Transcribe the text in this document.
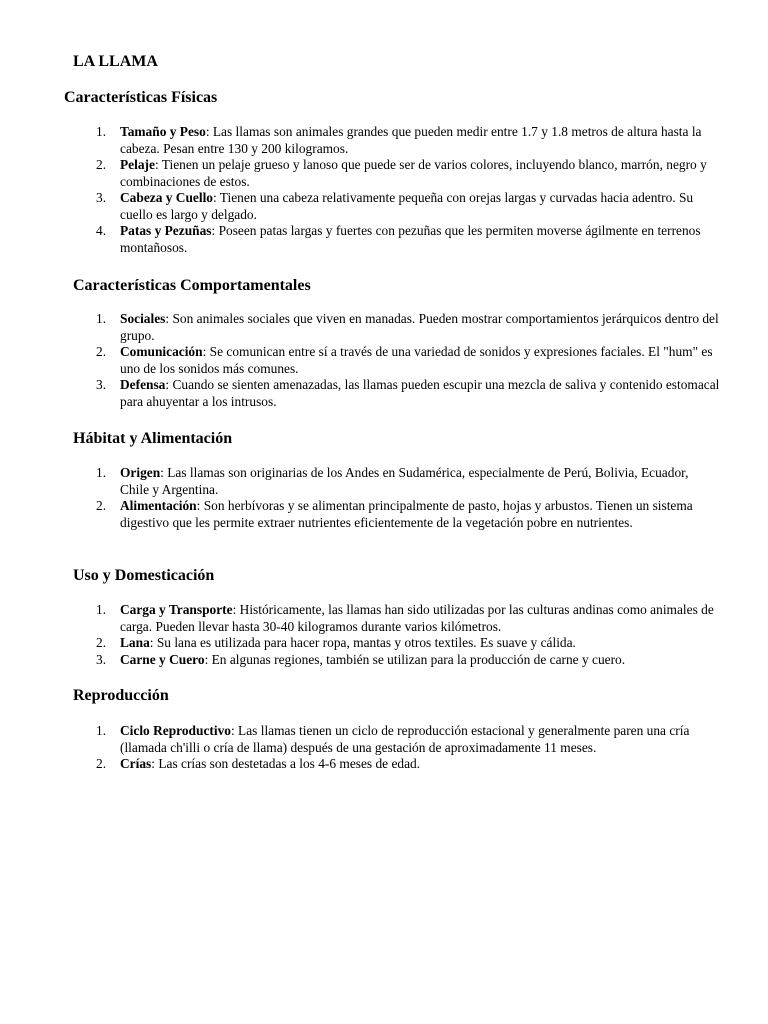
LA LLAMA
Características Físicas
1. Tamaño y Peso: Las llamas son animales grandes que pueden medir entre 1.7 y 1.8 metros de altura hasta la cabeza. Pesan entre 130 y 200 kilogramos.
2. Pelaje: Tienen un pelaje grueso y lanoso que puede ser de varios colores, incluyendo blanco, marrón, negro y combinaciones de estos.
3. Cabeza y Cuello: Tienen una cabeza relativamente pequeña con orejas largas y curvadas hacia adentro. Su cuello es largo y delgado.
4. Patas y Pezuñas: Poseen patas largas y fuertes con pezuñas que les permiten moverse ágilmente en terrenos montañosos.
Características Comportamentales
1. Sociales: Son animales sociales que viven en manadas. Pueden mostrar comportamientos jerárquicos dentro del grupo.
2. Comunicación: Se comunican entre sí a través de una variedad de sonidos y expresiones faciales. El "hum" es uno de los sonidos más comunes.
3. Defensa: Cuando se sienten amenazadas, las llamas pueden escupir una mezcla de saliva y contenido estomacal para ahuyentar a los intrusos.
Hábitat y Alimentación
1. Origen: Las llamas son originarias de los Andes en Sudamérica, especialmente de Perú, Bolivia, Ecuador, Chile y Argentina.
2. Alimentación: Son herbívoras y se alimentan principalmente de pasto, hojas y arbustos. Tienen un sistema digestivo que les permite extraer nutrientes eficientemente de la vegetación pobre en nutrientes.
Uso y Domesticación
1. Carga y Transporte: Históricamente, las llamas han sido utilizadas por las culturas andinas como animales de carga. Pueden llevar hasta 30-40 kilogramos durante varios kilómetros.
2. Lana: Su lana es utilizada para hacer ropa, mantas y otros textiles. Es suave y cálida.
3. Carne y Cuero: En algunas regiones, también se utilizan para la producción de carne y cuero.
Reproducción
1. Ciclo Reproductivo: Las llamas tienen un ciclo de reproducción estacional y generalmente paren una cría (llamada ch'illi o cría de llama) después de una gestación de aproximadamente 11 meses.
2. Crías: Las crías son destetadas a los 4-6 meses de edad.
